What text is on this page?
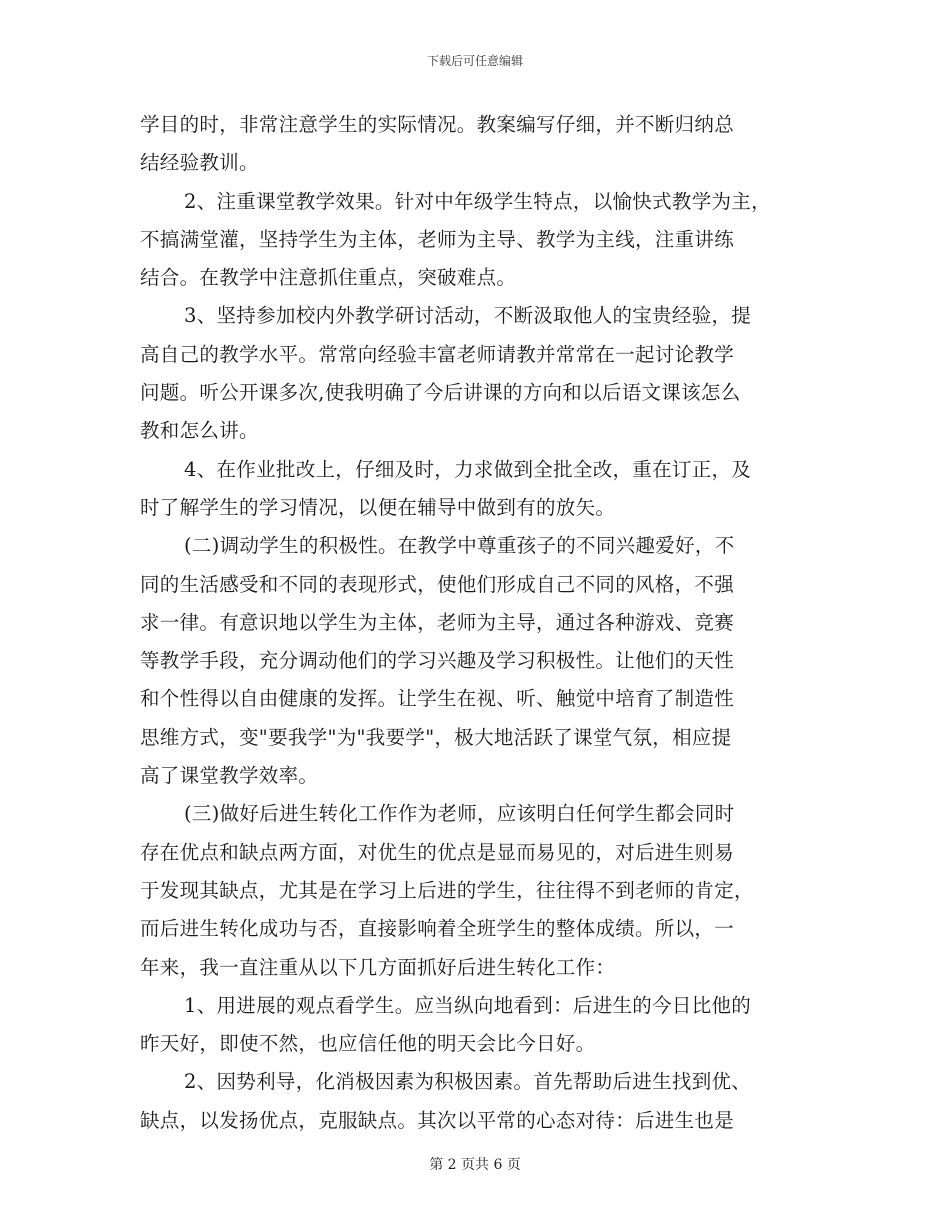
下载后可任意编辑
学目的时，非常注意学生的实际情况。教案编写仔细，并不断归纳总
结经验教训。
2、注重课堂教学效果。针对中年级学生特点，以愉快式教学为主，
不搞满堂灌，坚持学生为主体，老师为主导、教学为主线，注重讲练
结合。在教学中注意抓住重点，突破难点。
3、坚持参加校内外教学研讨活动，不断汲取他人的宝贵经验，提
高自己的教学水平。常常向经验丰富老师请教并常常在一起讨论教学
问题。听公开课多次,使我明确了今后讲课的方向和以后语文课该怎么
教和怎么讲。
4、在作业批改上，仔细及时，力求做到全批全改，重在订正，及
时了解学生的学习情况，以便在辅导中做到有的放矢。
(二)调动学生的积极性。在教学中尊重孩子的不同兴趣爱好，不
同的生活感受和不同的表现形式，使他们形成自己不同的风格，不强
求一律。有意识地以学生为主体，老师为主导，通过各种游戏、竞赛
等教学手段，充分调动他们的学习兴趣及学习积极性。让他们的天性
和个性得以自由健康的发挥。让学生在视、听、触觉中培育了制造性
思维方式，变"要我学"为"我要学"，极大地活跃了课堂气氛，相应提
高了课堂教学效率。
(三)做好后进生转化工作作为老师，应该明白任何学生都会同时
存在优点和缺点两方面，对优生的优点是显而易见的，对后进生则易
于发现其缺点，尤其是在学习上后进的学生，往往得不到老师的肯定，
而后进生转化成功与否，直接影响着全班学生的整体成绩。所以，一
年来，我一直注重从以下几方面抓好后进生转化工作：
1、用进展的观点看学生。应当纵向地看到：后进生的今日比他的
昨天好，即使不然，也应信任他的明天会比今日好。
2、因势利导，化消极因素为积极因素。首先帮助后进生找到优、
缺点，以发扬优点，克服缺点。其次以平常的心态对待：后进生也是
第 2 页共 6 页
